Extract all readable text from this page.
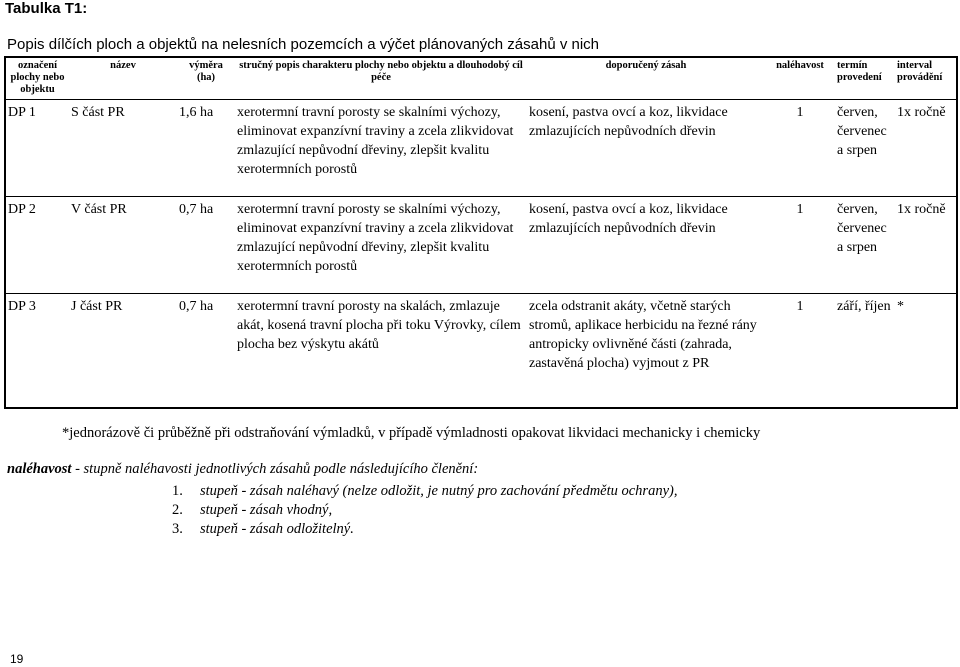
Tabulka T1:
Popis dílčích ploch a objektů na nelesních pozemcích a výčet plánovaných zásahů v nich
označení plochy nebo objektu	název	výměra (ha)	stručný popis charakteru plochy nebo objektu a dlouhodobý cíl péče	doporučený zásah	naléhavost	termín provedení	interval provádění
DP 1	S část PR	1,6 ha	xerotermní travní porosty se skalními výchozy, eliminovat expanzívní traviny a zcela zlikvidovat zmlazující nepůvodní dřeviny, zlepšit kvalitu xerotermních porostů	kosení, pastva ovcí a koz, likvidace zmlazujících nepůvodních dřevin	1	červen, červenec a srpen	1x ročně
DP 2	V část PR	0,7 ha	xerotermní travní porosty se skalními výchozy, eliminovat expanzívní traviny a zcela zlikvidovat zmlazující nepůvodní dřeviny, zlepšit kvalitu xerotermních porostů	kosení, pastva ovcí a koz, likvidace zmlazujících nepůvodních dřevin	1	červen, červenec a srpen	1x ročně
DP 3	J část PR	0,7 ha	xerotermní travní porosty na skalách, zmlazuje akát, kosená travní plocha při toku Výrovky, cílem plocha bez výskytu akátů	zcela odstranit akáty, včetně starých stromů, aplikace herbicidu na řezné rány antropicky ovlivněné části (zahrada, zastavěná plocha) vyjmout z PR	1	září, říjen	*
*jednorázově či průběžně při odstraňování výmladků, v případě výmladnosti opakovat likvidaci mechanicky i chemicky
naléhavost - stupně naléhavosti jednotlivých zásahů podle následujícího členění:
1. stupeň - zásah naléhavý (nelze odložit, je nutný pro zachování předmětu ochrany),
2. stupeň - zásah vhodný,
3. stupeň - zásah odložitelný.
19
